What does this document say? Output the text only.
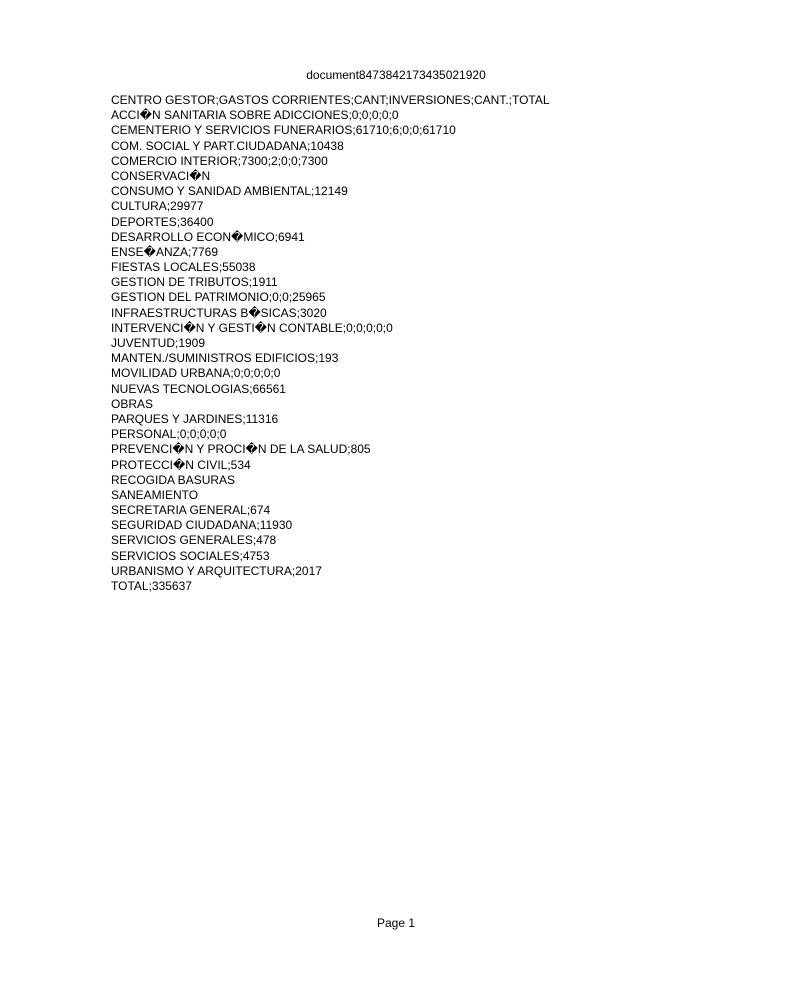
document8473842173435021920
CENTRO GESTOR;GASTOS CORRIENTES;CANT;INVERSIONES;CANT.;TOTAL
ACCI�N SANITARIA SOBRE ADICCIONES;0;0;0;0;0
CEMENTERIO Y SERVICIOS FUNERARIOS;61710;6;0;0;61710
COM. SOCIAL Y PART.CIUDADANA;10438
COMERCIO INTERIOR;7300;2;0;0;7300
CONSERVACI�N
CONSUMO Y SANIDAD AMBIENTAL;12149
CULTURA;29977
DEPORTES;36400
DESARROLLO ECON�MICO;6941
ENSE�ANZA;7769
FIESTAS LOCALES;55038
GESTION DE TRIBUTOS;1911
GESTION DEL PATRIMONIO;0;0;25965
INFRAESTRUCTURAS B�SICAS;3020
INTERVENCI�N Y GESTI�N CONTABLE;0;0;0;0;0
JUVENTUD;1909
MANTEN./SUMINISTROS EDIFICIOS;193
MOVILIDAD URBANA;0;0;0;0;0
NUEVAS TECNOLOGIAS;66561
OBRAS
PARQUES Y JARDINES;11316
PERSONAL;0;0;0;0;0
PREVENCI�N Y PROCI�N DE LA SALUD;805
PROTECCI�N CIVIL;534
RECOGIDA BASURAS
SANEAMIENTO
SECRETARIA GENERAL;674
SEGURIDAD CIUDADANA;11930
SERVICIOS GENERALES;478
SERVICIOS SOCIALES;4753
URBANISMO Y ARQUITECTURA;2017
TOTAL;335637
Page 1
